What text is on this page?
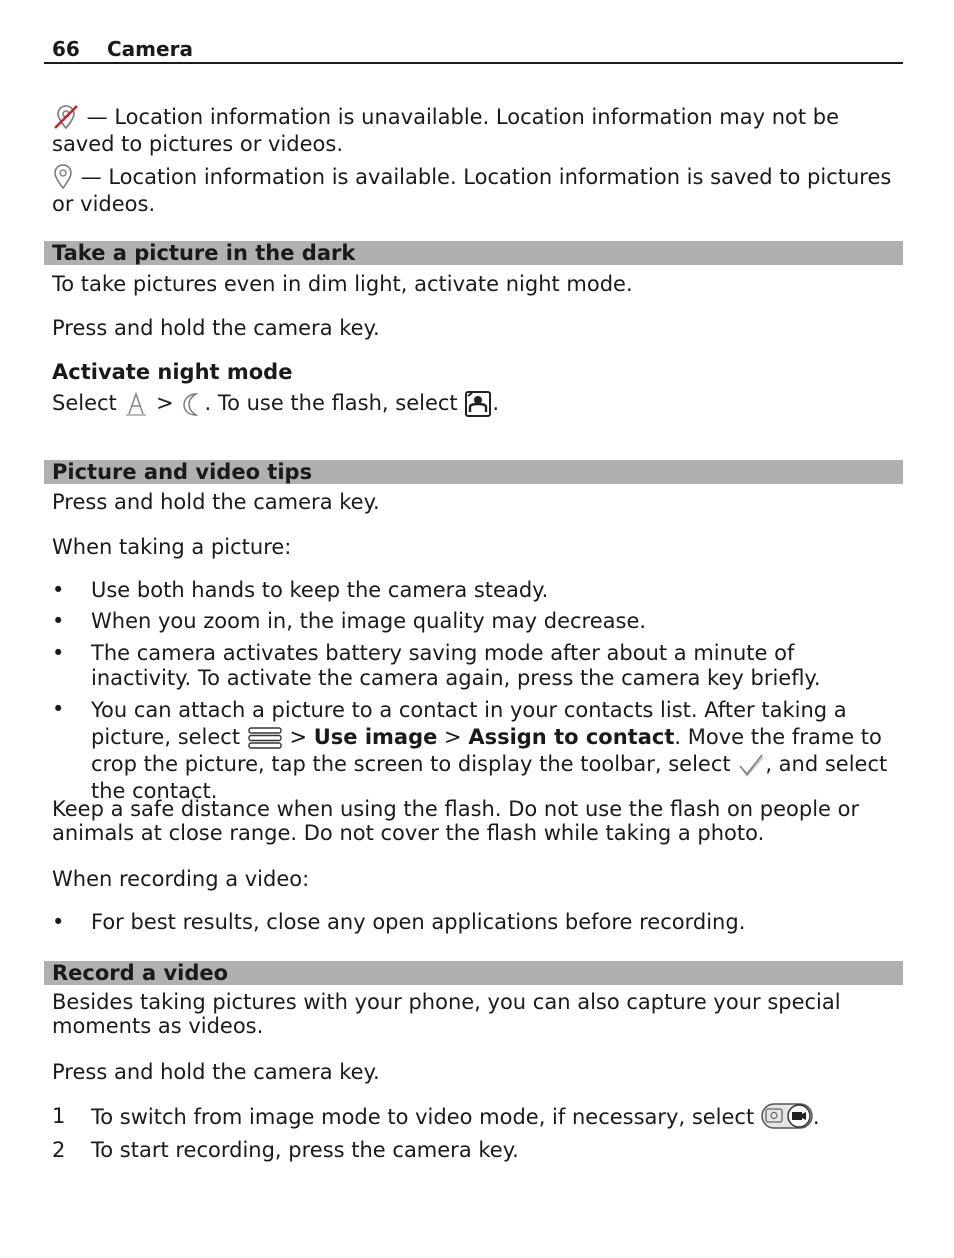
66 Camera

— Location information is unavailable. Location information may not be saved to pictures or videos.

— Location information is available. Location information is saved to pictures or videos.

Take a picture in the dark

To take pictures even in dim light, activate night mode.

Press and hold the camera key.

Activate night mode

Select  > . To use the flash, select .

Picture and video tips

Press and hold the camera key.

When taking a picture:

•	Use both hands to keep the camera steady.
•	When you zoom in, the image quality may decrease.
•	The camera activates battery saving mode after about a minute of inactivity. To activate the camera again, press the camera key briefly.
•	You can attach a picture to a contact in your contacts list. After taking a picture, select  > Use image > Assign to contact. Move the frame to crop the picture, tap the screen to display the toolbar, select , and select the contact.

Keep a safe distance when using the flash. Do not use the flash on people or animals at close range. Do not cover the flash while taking a photo.

When recording a video:

•	For best results, close any open applications before recording.
Record a video

Besides taking pictures with your phone, you can also capture your special moments as videos.

Press and hold the camera key.

1	To switch from image mode to video mode, if necessary, select	.
2	To start recording, press the camera key.
